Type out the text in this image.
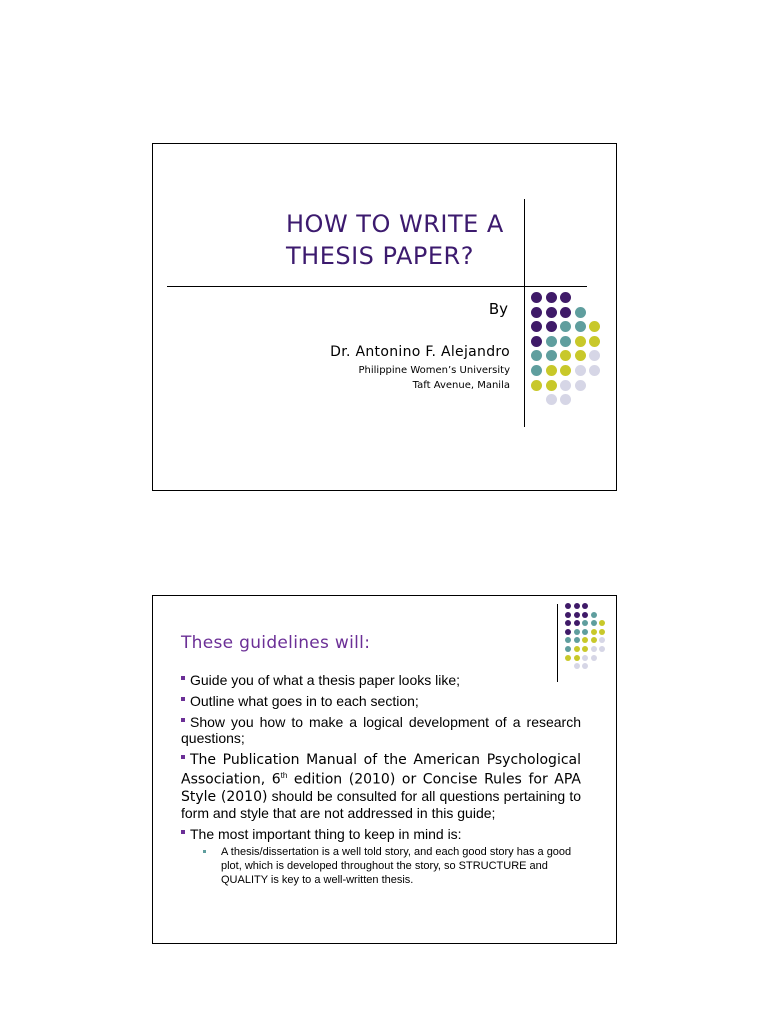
HOW TO WRITE A
THESIS PAPER?

By

Dr. Antonino F. Alejandro

Philippine Women’s University

Taft Avenue, Manila

These guidelines will:
Guide you of what a thesis paper looks like;
Outline what goes in to each section;
Show you how to make a logical development of a research questions;
The Publication Manual of the American Psychological Association, 6th edition (2010) or Concise Rules for APA Style (2010) should be consulted for all questions pertaining to form and style that are not addressed in this guide;
The most important thing to keep in mind is:
A thesis/dissertation is a well told story, and each good story has a good plot, which is developed throughout the story, so STRUCTURE and QUALITY is key to a well-written thesis.
